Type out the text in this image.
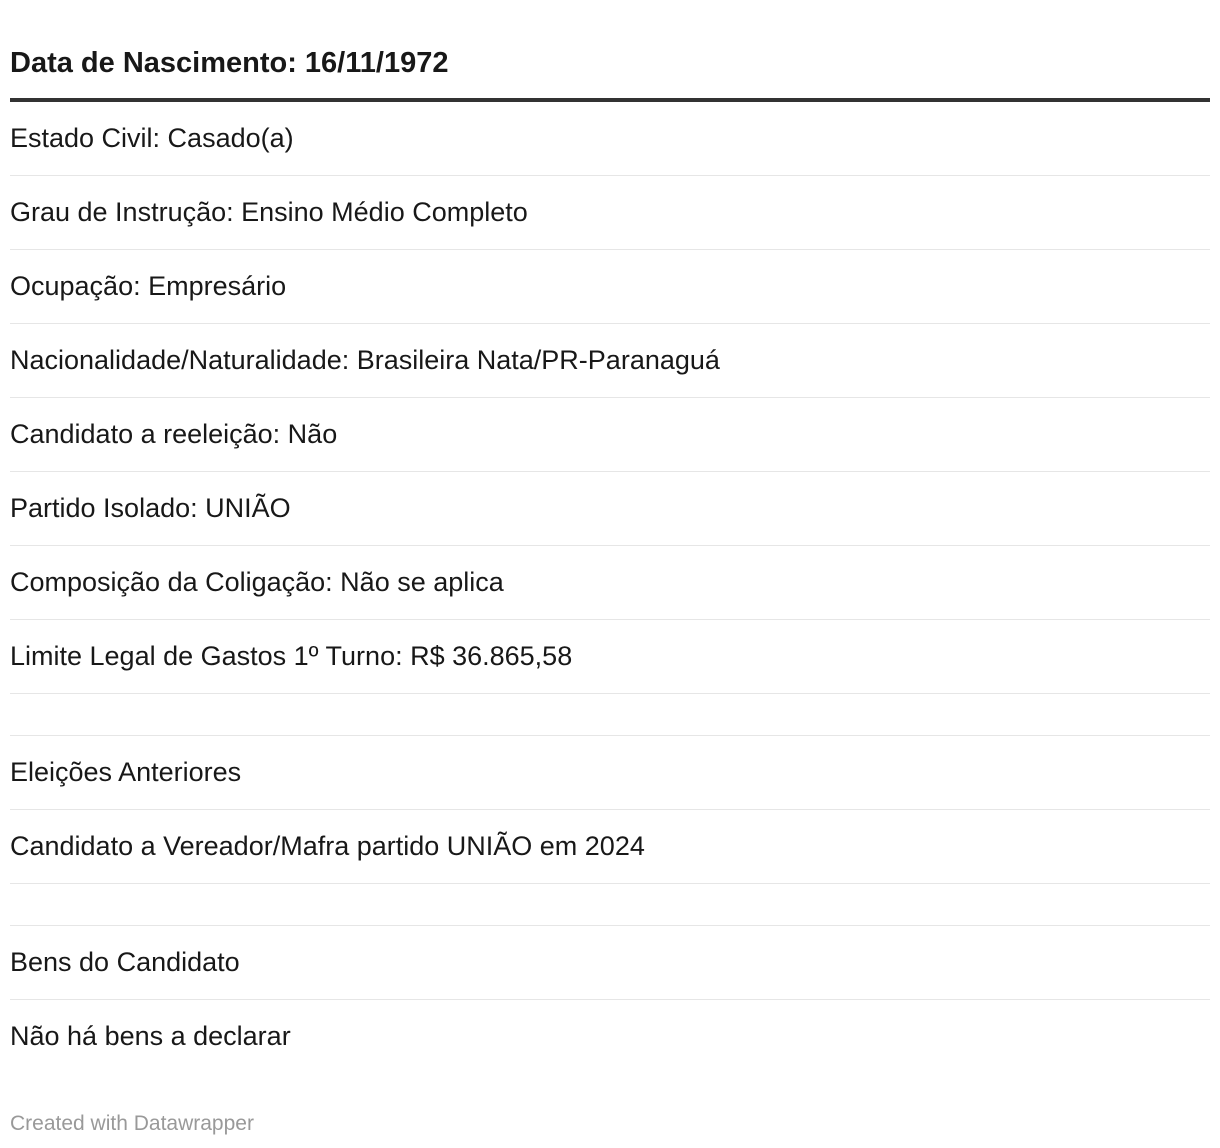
Data de Nascimento: 16/11/1972
Estado Civil: Casado(a)
Grau de Instrução: Ensino Médio Completo
Ocupação: Empresário
Nacionalidade/Naturalidade: Brasileira Nata/PR-Paranaguá
Candidato a reeleição: Não
Partido Isolado: UNIÃO
Composição da Coligação: Não se aplica
Limite Legal de Gastos 1º Turno: R$ 36.865,58
Eleições Anteriores
Candidato a Vereador/Mafra partido UNIÃO em 2024
Bens do Candidato
Não há bens a declarar
Created with Datawrapper
